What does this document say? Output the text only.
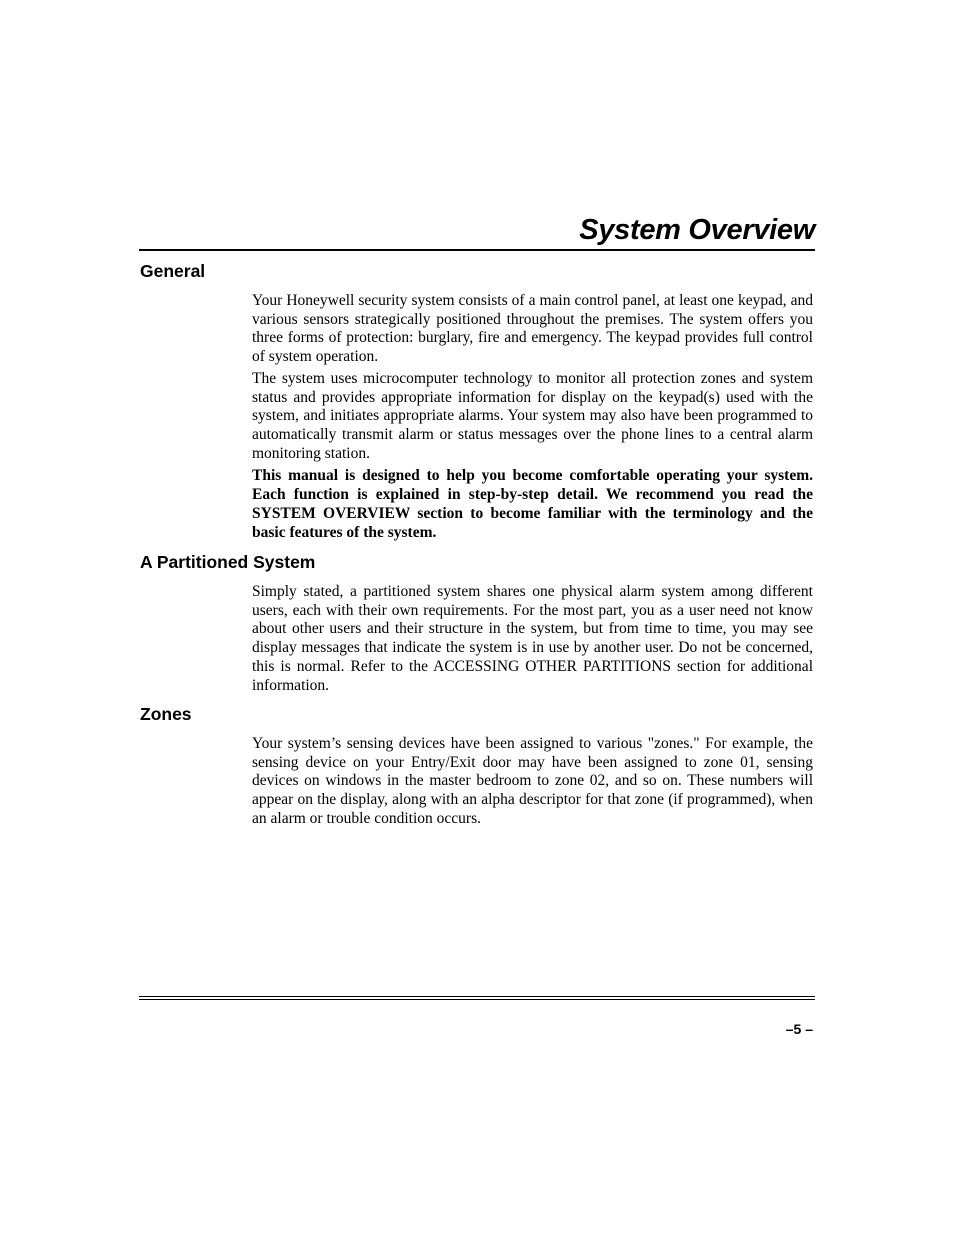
System Overview
General

Your Honeywell security system consists of a main control panel, at least one keypad, and various sensors strategically positioned throughout the premises. The system offers you three forms of protection: burglary, fire and emergency. The keypad provides full control of system operation.

The system uses microcomputer technology to monitor all protection zones and system status and provides appropriate information for display on the keypad(s) used with the system, and initiates appropriate alarms. Your system may also have been programmed to automatically transmit alarm or status messages over the phone lines to a central alarm monitoring station.

This manual is designed to help you become comfortable operating your system. Each function is explained in step-by-step detail. We recommend you read the SYSTEM OVERVIEW section to become familiar with the terminology and the basic features of the system.

A Partitioned System

Simply stated, a partitioned system shares one physical alarm system among different users, each with their own requirements. For the most part, you as a user need not know about other users and their structure in the system, but from time to time, you may see display messages that indicate the system is in use by another user. Do not be concerned, this is normal. Refer to the ACCESSING OTHER PARTITIONS section for additional information.

Zones

Your system’s sensing devices have been assigned to various "zones." For example, the sensing device on your Entry/Exit door may have been assigned to zone 01, sensing devices on windows in the master bedroom to zone 02, and so on. These numbers will appear on the display, along with an alpha descriptor for that zone (if programmed), when an alarm or trouble condition occurs.

–5 –
